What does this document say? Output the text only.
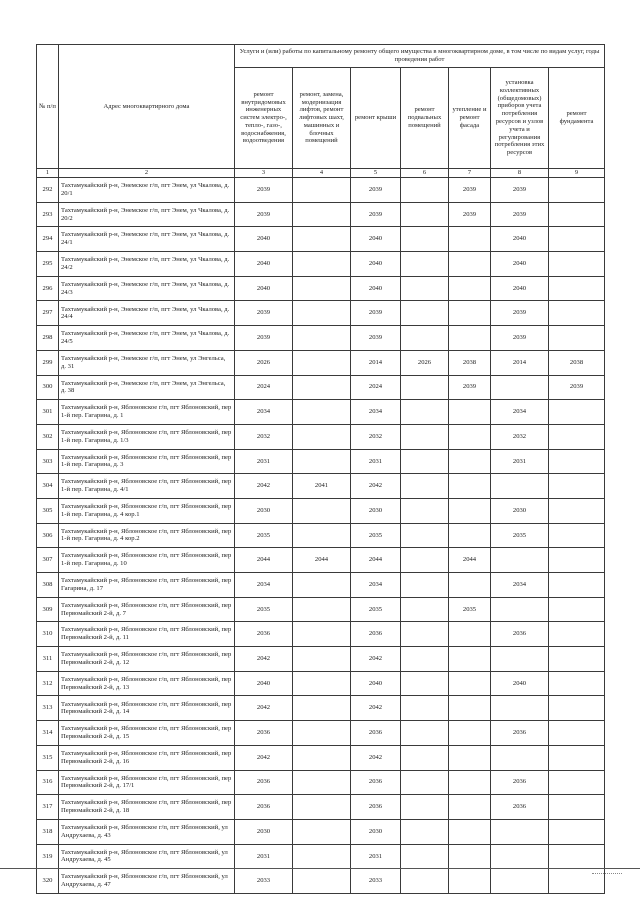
№ п/п	Адрес многоквартирного дома	Услуги и (или) работы по капитальному ремонту общего имущества в многоквартирном доме, в том числе по видам услуг, годы проведения работ						
		ремонт внутридомовых инженерных систем электро-, тепло-, газо-, водоснабжения, водоотведения	ремонт, замена, модернизация лифтов, ремонт лифтовых шахт, машинных и блочных помещений	ремонт крыши	ремонт подвальных помещений	утепление и ремонт фасада	установка коллективных (общедомовых) приборов учета потребления ресурсов и узлов учета и регулирования потребления этих ресурсов	ремонт фундамента
1	2	3	4	5	6	7	8	9
292	Тахтамукайский р-н, Энемское г/п, пгт Энем, ул Чкалова, д. 20/1	2039		2039		2039	2039	
293	Тахтамукайский р-н, Энемское г/п, пгт Энем, ул Чкалова, д. 20/2	2039		2039		2039	2039	
294	Тахтамукайский р-н, Энемское г/п, пгт Энем, ул Чкалова, д. 24/1	2040		2040			2040	
295	Тахтамукайский р-н, Энемское г/п, пгт Энем, ул Чкалова, д. 24/2	2040		2040			2040	
296	Тахтамукайский р-н, Энемское г/п, пгт Энем, ул Чкалова, д. 24/3	2040		2040			2040	
297	Тахтамукайский р-н, Энемское г/п, пгт Энем, ул Чкалова, д. 24/4	2039		2039			2039	
298	Тахтамукайский р-н, Энемское г/п, пгт Энем, ул Чкалова, д. 24/5	2039		2039			2039	
299	Тахтамукайский р-н, Энемское г/п, пгт Энем, ул Энгельса, д. 31	2026		2014	2026	2038	2014	2038
300	Тахтамукайский р-н, Энемское г/п, пгт Энем, ул Энгельса, д. 38	2024		2024		2039		2039
301	Тахтамукайский р-н, Яблоновское г/п, пгт Яблоновский, пер 1-й пер. Гагарина, д. 1	2034		2034			2034	
302	Тахтамукайский р-н, Яблоновское г/п, пгт Яблоновский, пер 1-й пер. Гагарина, д. 1/3	2032		2032			2032	
303	Тахтамукайский р-н, Яблоновское г/п, пгт Яблоновский, пер 1-й пер. Гагарина, д. 3	2031		2031			2031	
304	Тахтамукайский р-н, Яблоновское г/п, пгт Яблоновский, пер 1-й пер. Гагарина, д. 4/1	2042	2041	2042				
305	Тахтамукайский р-н, Яблоновское г/п, пгт Яблоновский, пер 1-й пер. Гагарина, д. 4 кор.1	2030		2030			2030	
306	Тахтамукайский р-н, Яблоновское г/п, пгт Яблоновский, пер 1-й пер. Гагарина, д. 4 кор.2	2035		2035			2035	
307	Тахтамукайский р-н, Яблоновское г/п, пгт Яблоновский, пер 1-й пер. Гагарина, д. 10	2044	2044	2044		2044		
308	Тахтамукайский р-н, Яблоновское г/п, пгт Яблоновский, пер Гагарина, д. 17	2034		2034			2034	
309	Тахтамукайский р-н, Яблоновское г/п, пгт Яблоновский, пер Первомайский 2-й, д. 7	2035		2035		2035		
310	Тахтамукайский р-н, Яблоновское г/п, пгт Яблоновский, пер Первомайский 2-й, д. 11	2036		2036			2036	
311	Тахтамукайский р-н, Яблоновское г/п, пгт Яблоновский, пер Первомайский 2-й, д. 12	2042		2042				
312	Тахтамукайский р-н, Яблоновское г/п, пгт Яблоновский, пер Первомайский 2-й, д. 13	2040		2040			2040	
313	Тахтамукайский р-н, Яблоновское г/п, пгт Яблоновский, пер Первомайский 2-й, д. 14	2042		2042				
314	Тахтамукайский р-н, Яблоновское г/п, пгт Яблоновский, пер Первомайский 2-й, д. 15	2036		2036			2036	
315	Тахтамукайский р-н, Яблоновское г/п, пгт Яблоновский, пер Первомайский 2-й, д. 16	2042		2042				
316	Тахтамукайский р-н, Яблоновское г/п, пгт Яблоновский, пер Первомайский 2-й, д. 17/1	2036		2036			2036	
317	Тахтамукайский р-н, Яблоновское г/п, пгт Яблоновский, пер Первомайский 2-й, д. 18	2036		2036			2036	
318	Тахтамукайский р-н, Яблоновское г/п, пгт Яблоновский, ул Андрухаева, д. 43	2030		2030				
319	Тахтамукайский р-н, Яблоновское г/п, пгт Яблоновский, ул Андрухаева, д. 45	2031		2031				
320	Тахтамукайский р-н, Яблоновское г/п, пгт Яблоновский, ул Андрухаева, д. 47	2033		2033				
